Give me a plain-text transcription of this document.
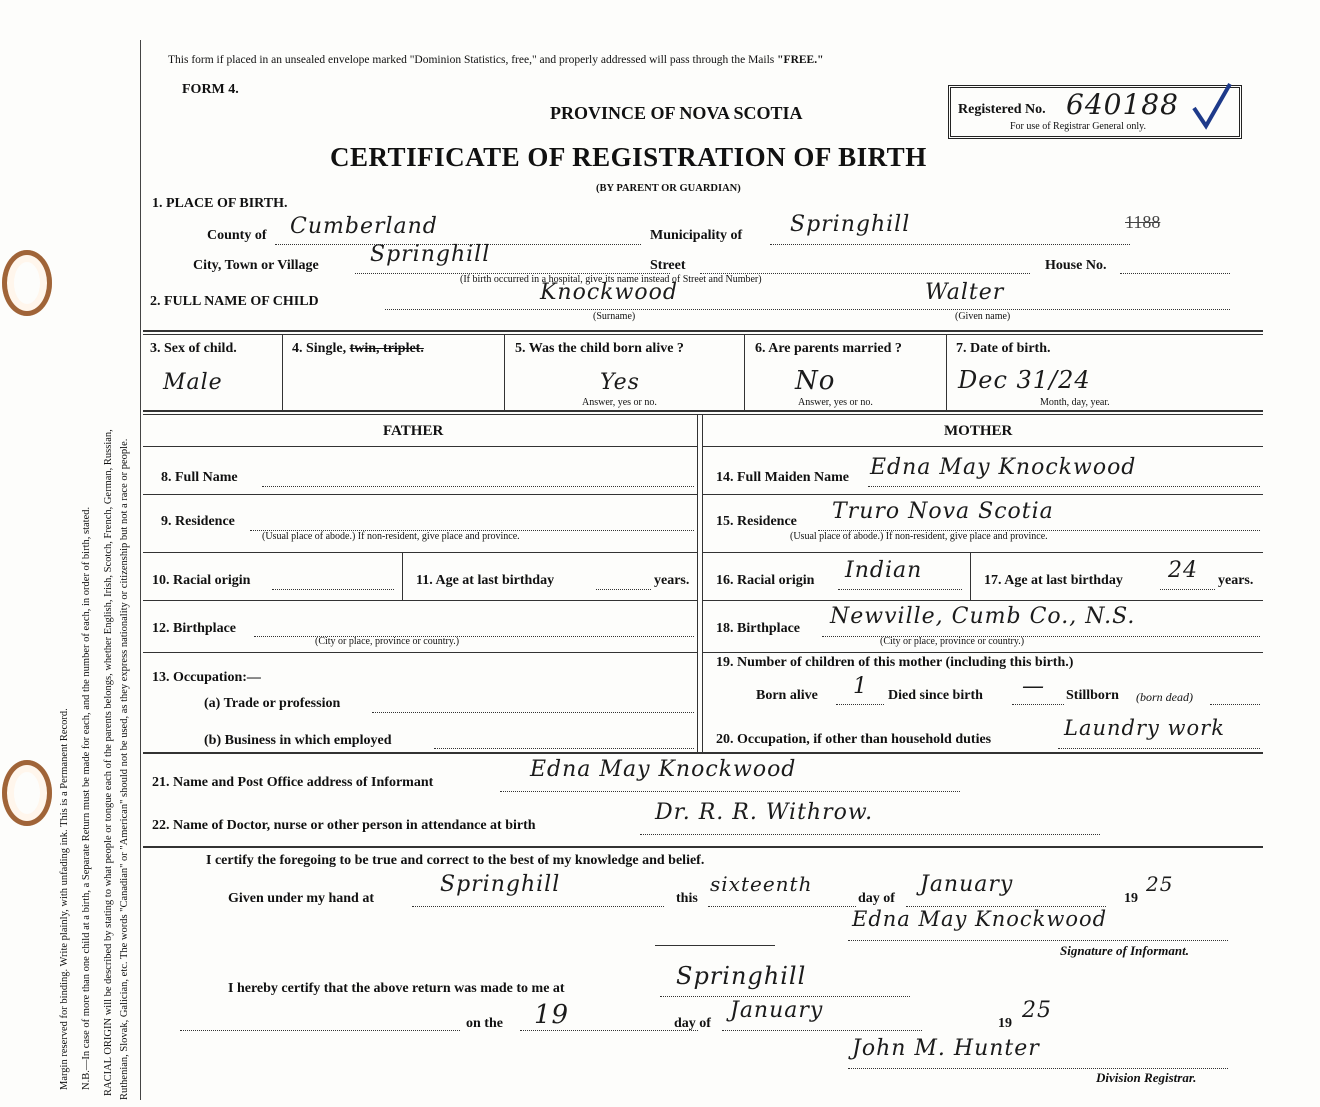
Margin reserved for binding. Write plainly, with unfading ink. This is a Permanent Record. N.B.—In case of more than one child at a birth, a Separate Return must be made for each, and the number of each, in order of birth, stated. RACIAL ORIGIN will be described by stating to what people or tongue each of the parents belongs, whether English, Irish, Scotch, French, German, Russian, Ruthenian, Slovak, Galician, etc. The words "Canadian" or "American" should not be used, as they express nationality or citizenship but not a race or people.
This form if placed in an unsealed envelope marked "Dominion Statistics, free," and properly addressed will pass through the Mails "FREE."
FORM 4.
PROVINCE OF NOVA SCOTIA
CERTIFICATE OF REGISTRATION OF BIRTH
(BY PARENT OR GUARDIAN)
Registered No. 640188
For use of Registrar General only.
1. PLACE OF BIRTH.
County of Cumberland	Municipality of Springhill	1188
City, Town or Village Springhill	Street	House No.
(If birth occurred in a hospital, give its name instead of Street and Number)
2. FULL NAME OF CHILD	Knockwood	Walter
(Surname)	(Given name)
3. Sex of child.
Male
4. Single, twin, triplet.	5. Was the child born alive ?
Yes
Answer, yes or no.
6. Are parents married ?
No
Answer, yes or no.
7. Date of birth.
Dec 31/24
Month, day, year.
FATHER	MOTHER
8. Full Name
9. Residence
(Usual place of abode.) If non-resident, give place and province.
10. Racial origin	11. Age at last birthday	years.
12. Birthplace
(City or place, province or country.)
13. Occupation:—
(a) Trade or profession
(b) Business in which employed
14. Full Maiden Name Edna May Knockwood
15. Residence Truro Nova Scotia
(Usual place of abode.) If non-resident, give place and province.
16. Racial origin Indian	17. Age at last birthday 24 years.
18. Birthplace Newville, Cumb Co., N.S.
(City or place, province or country.)
19. Number of children of this mother (including this birth.)
Born alive 1 Died since birth — Stillborn (born dead)
20. Occupation, if other than household duties	Laundry work
21. Name and Post Office address of Informant
Edna May Knockwood
22. Name of Doctor, nurse or other person in attendance at birth
Dr. R. R. Withrow.
I certify the foregoing to be true and correct to the best of my knowledge and belief.
Given under my hand at
Springhill
this
sixteenth
day of
January
19
25
Edna May Knockwood
Signature of Informant.
I hereby certify that the above return was made to me at	Springhill
on the 19	day of
January
19
25
John M. Hunter
Division Registrar.
